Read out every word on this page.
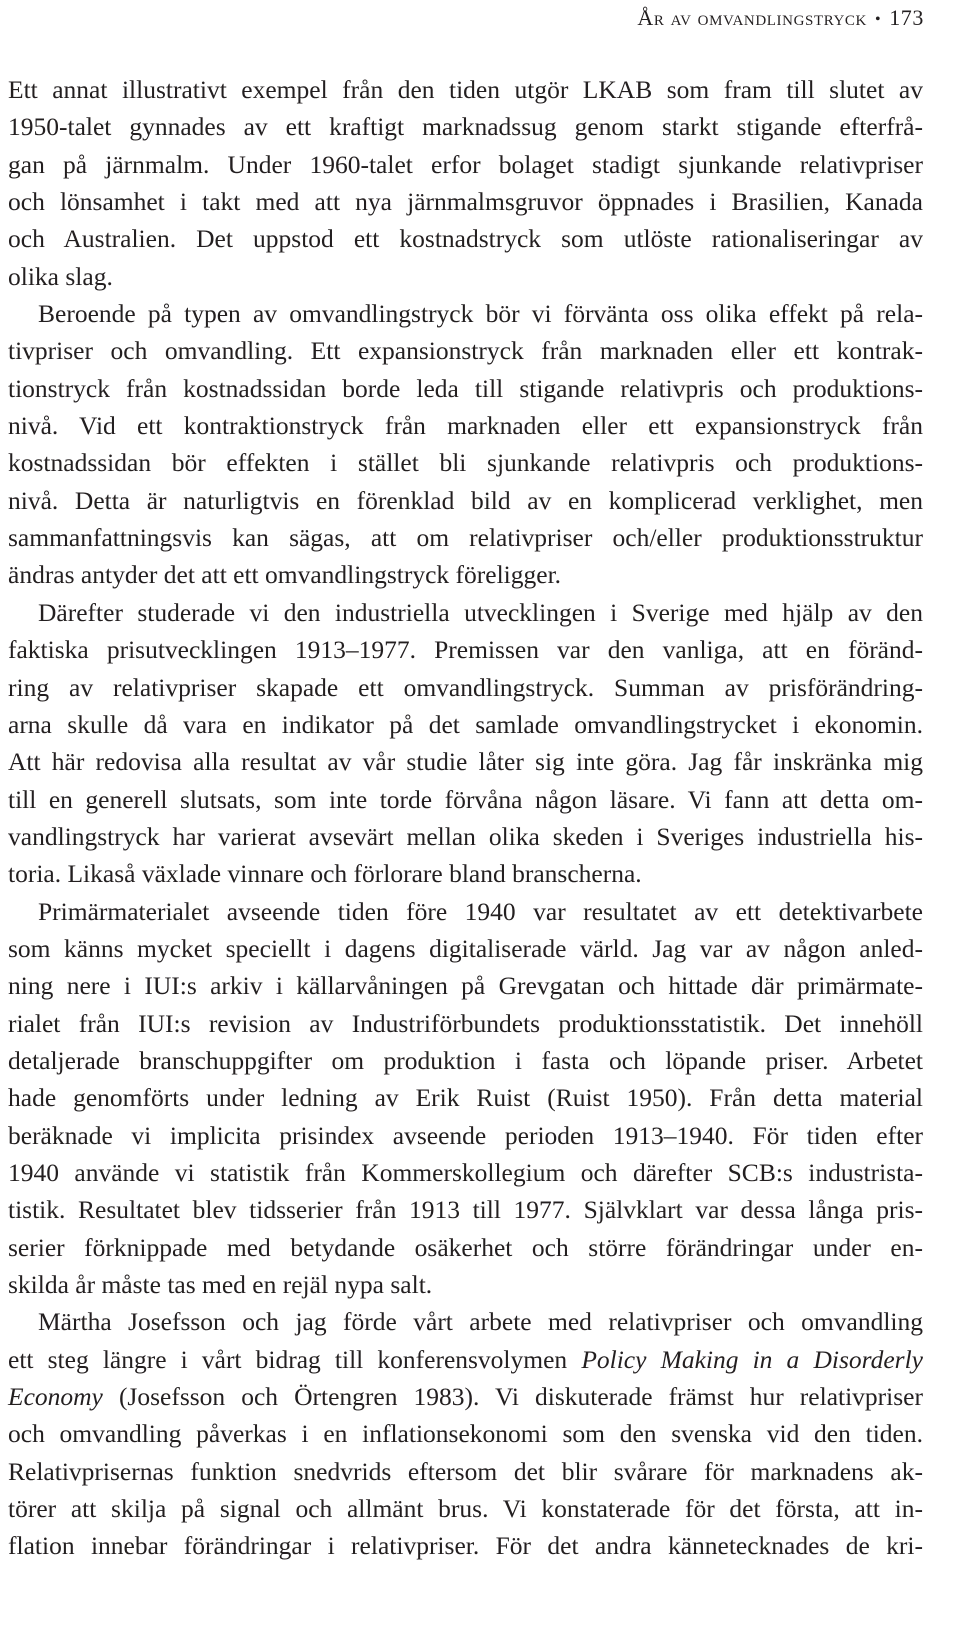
År av omvandlingstryck • 173
Ett annat illustrativt exempel från den tiden utgör LKAB som fram till slutet av
1950-talet gynnades av ett kraftigt marknadssug genom starkt stigande efterfrå-
gan på järnmalm. Under 1960-talet erfor bolaget stadigt sjunkande relativpriser
och lönsamhet i takt med att nya järnmalmsgruvor öppnades i Brasilien, Kanada
och Australien. Det uppstod ett kostnadstryck som utlöste rationaliseringar av
olika slag.
Beroende på typen av omvandlingstryck bör vi förvänta oss olika effekt på rela-
tivpriser och omvandling. Ett expansionstryck från marknaden eller ett kontrak-
tionstryck från kostnadssidan borde leda till stigande relativpris och produktions-
nivå. Vid ett kontraktionstryck från marknaden eller ett expansionstryck från
kostnadssidan bör effekten i stället bli sjunkande relativpris och produktions-
nivå. Detta är naturligtvis en förenklad bild av en komplicerad verklighet, men
sammanfattningsvis kan sägas, att om relativpriser och/eller produktionsstruktur
ändras antyder det att ett omvandlingstryck föreligger.
Därefter studerade vi den industriella utvecklingen i Sverige med hjälp av den
faktiska prisutvecklingen 1913–1977. Premissen var den vanliga, att en föränd-
ring av relativpriser skapade ett omvandlingstryck. Summan av prisförändring-
arna skulle då vara en indikator på det samlade omvandlingstrycket i ekonomin.
Att här redovisa alla resultat av vår studie låter sig inte göra. Jag får inskränka mig
till en generell slutsats, som inte torde förvåna någon läsare. Vi fann att detta om-
vandlingstryck har varierat avsevärt mellan olika skeden i Sveriges industriella his-
toria. Likaså växlade vinnare och förlorare bland branscherna.
Primärmaterialet avseende tiden före 1940 var resultatet av ett detektivarbete
som känns mycket speciellt i dagens digitaliserade värld. Jag var av någon anled-
ning nere i IUI:s arkiv i källarvåningen på Grevgatan och hittade där primärmate-
rialet från IUI:s revision av Industriförbundets produktionsstatistik. Det innehöll
detaljerade branschuppgifter om produktion i fasta och löpande priser. Arbetet
hade genomförts under ledning av Erik Ruist (Ruist 1950). Från detta material
beräknade vi implicita prisindex avseende perioden 1913–1940. För tiden efter
1940 använde vi statistik från Kommerskollegium och därefter SCB:s industrista-
tistik. Resultatet blev tidsserier från 1913 till 1977. Självklart var dessa långa pris-
serier förknippade med betydande osäkerhet och större förändringar under en-
skilda år måste tas med en rejäl nypa salt.
Märtha Josefsson och jag förde vårt arbete med relativpriser och omvandling
ett steg längre i vårt bidrag till konferensvolymen Policy Making in a Disorderly
Economy (Josefsson och Örtengren 1983). Vi diskuterade främst hur relativpriser
och omvandling påverkas i en inflationsekonomi som den svenska vid den tiden.
Relativprisernas funktion snedvrids eftersom det blir svårare för marknadens ak-
törer att skilja på signal och allmänt brus. Vi konstaterade för det första, att in-
flation innebar förändringar i relativpriser. För det andra kännetecknades de kri-
